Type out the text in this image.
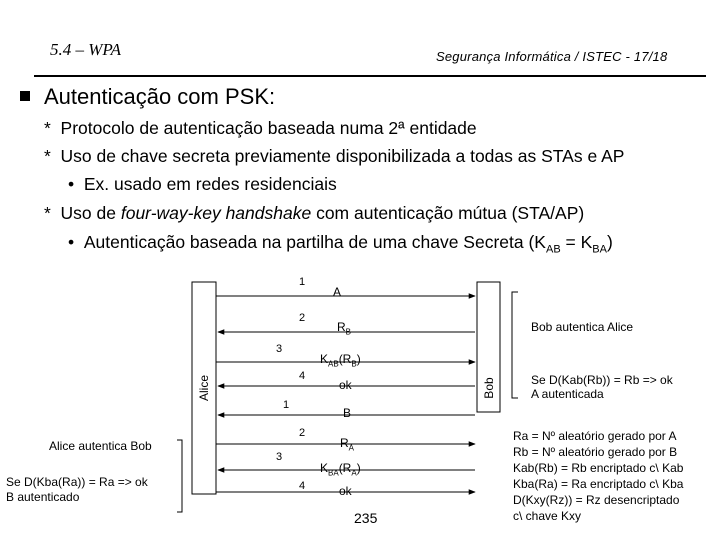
5.4 – WPA	Segurança Informática / ISTEC - 17/18
Autenticação com PSK:
* Protocolo de autenticação baseada numa 2ª entidade
* Uso de chave secreta previamente disponibilizada a todas as STAs e AP
• Ex. usado em redes residenciais
* Uso de four-way-key handshake com autenticação mútua (STA/AP)
• Autenticação baseada na partilha de uma chave Secreta $(K_{AB} = K_{BA})$
Alice	Bob
1
A
2
$R_B$
3
$K_{AB}(R_B)$
4
ok
1
B
2
$R_A$
3
$K_{BA}(R_A)$
4	ok
Bob autentica Alice
Se D(Kab(Rb)) = Rb => ok
A autenticada
Alice autentica Bob
Se D(Kba(Ra)) = Ra => ok
B autenticado
Ra = Nº aleatório gerado por A
Rb = Nº aleatório gerado por B
Kab(Rb) = Rb encriptado c\ Kab
Kba(Ra) = Ra encriptado c\ Kba
D(Kxy(Rz)) = Rz desencriptado
c\ chave Kxy
235
